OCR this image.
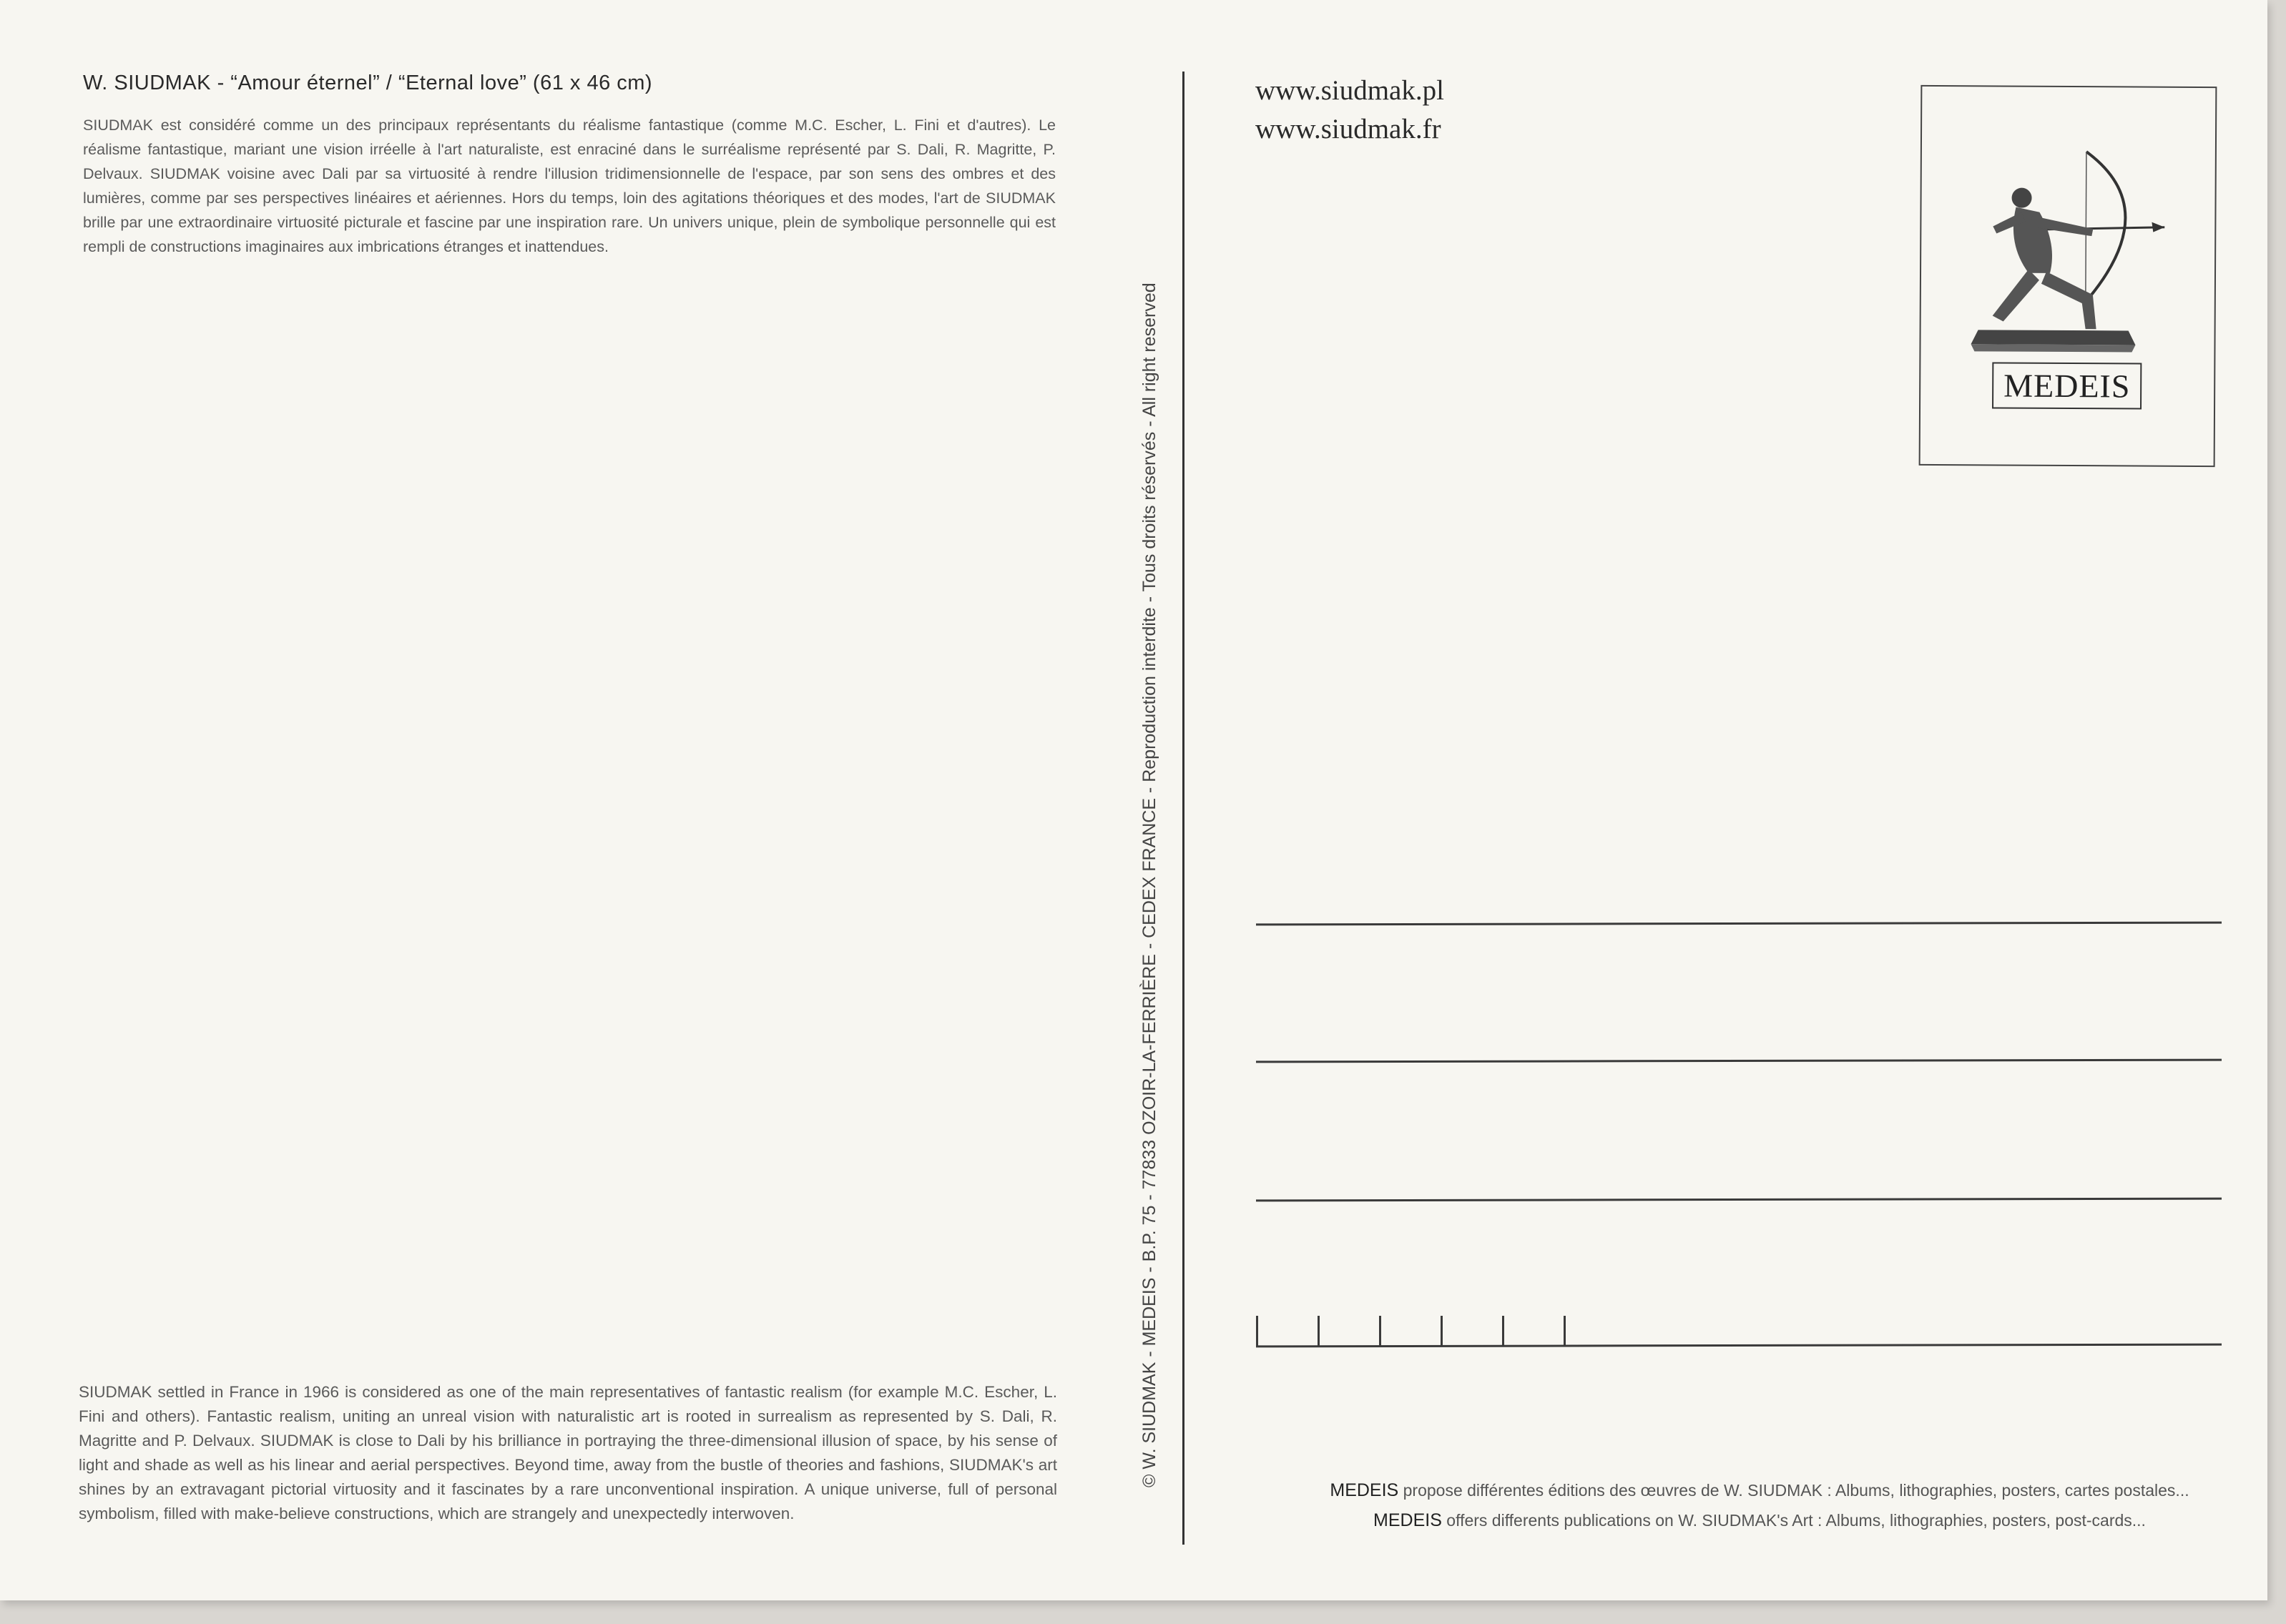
W. SIUDMAK - “Amour éternel” / “Eternal love” (61 x 46 cm)
SIUDMAK est considéré comme un des principaux représentants du réalisme fantastique (comme M.C. Escher, L. Fini et d'autres). Le réalisme fantastique, mariant une vision irréelle à l'art naturaliste, est enraciné dans le surréalisme représenté par S. Dali, R. Magritte, P. Delvaux. SIUDMAK voisine avec Dali par sa virtuosité à rendre l'illusion tridimensionnelle de l'espace, par son sens des ombres et des lumières, comme par ses perspectives linéaires et aériennes. Hors du temps, loin des agitations théoriques et des modes, l'art de SIUDMAK brille par une extraordinaire virtuosité picturale et fascine par une inspiration rare. Un univers unique, plein de symbolique personnelle qui est rempli de constructions imaginaires aux imbrications étranges et inattendues.
SIUDMAK settled in France in 1966 is considered as one of the main representatives of fantastic realism (for example M.C. Escher, L. Fini and others). Fantastic realism, uniting an unreal vision with naturalistic art is rooted in surrealism as represented by S. Dali, R. Magritte and P. Delvaux. SIUDMAK is close to Dali by his brilliance in portraying the three-dimensional illusion of space, by his sense of light and shade as well as his linear and aerial perspectives. Beyond time, away from the bustle of theories and fashions, SIUDMAK's art shines by an extravagant pictorial virtuosity and it fascinates by a rare unconventional inspiration. A unique universe, full of personal symbolism, filled with make-believe constructions, which are strangely and unexpectedly interwoven.
© W. SIUDMAK - MEDEIS - B.P. 75 - 77833 OZOIR-LA-FERRIÈRE - CEDEX FRANCE - Reproduction interdite - Tous droits réservés - All right reserved
www.siudmak.pl
www.siudmak.fr
MEDEIS
MEDEIS propose différentes éditions des œuvres de W. SIUDMAK : Albums, lithographies, posters, cartes postales...
MEDEIS offers differents publications on W. SIUDMAK's Art : Albums, lithographies, posters, post-cards...
